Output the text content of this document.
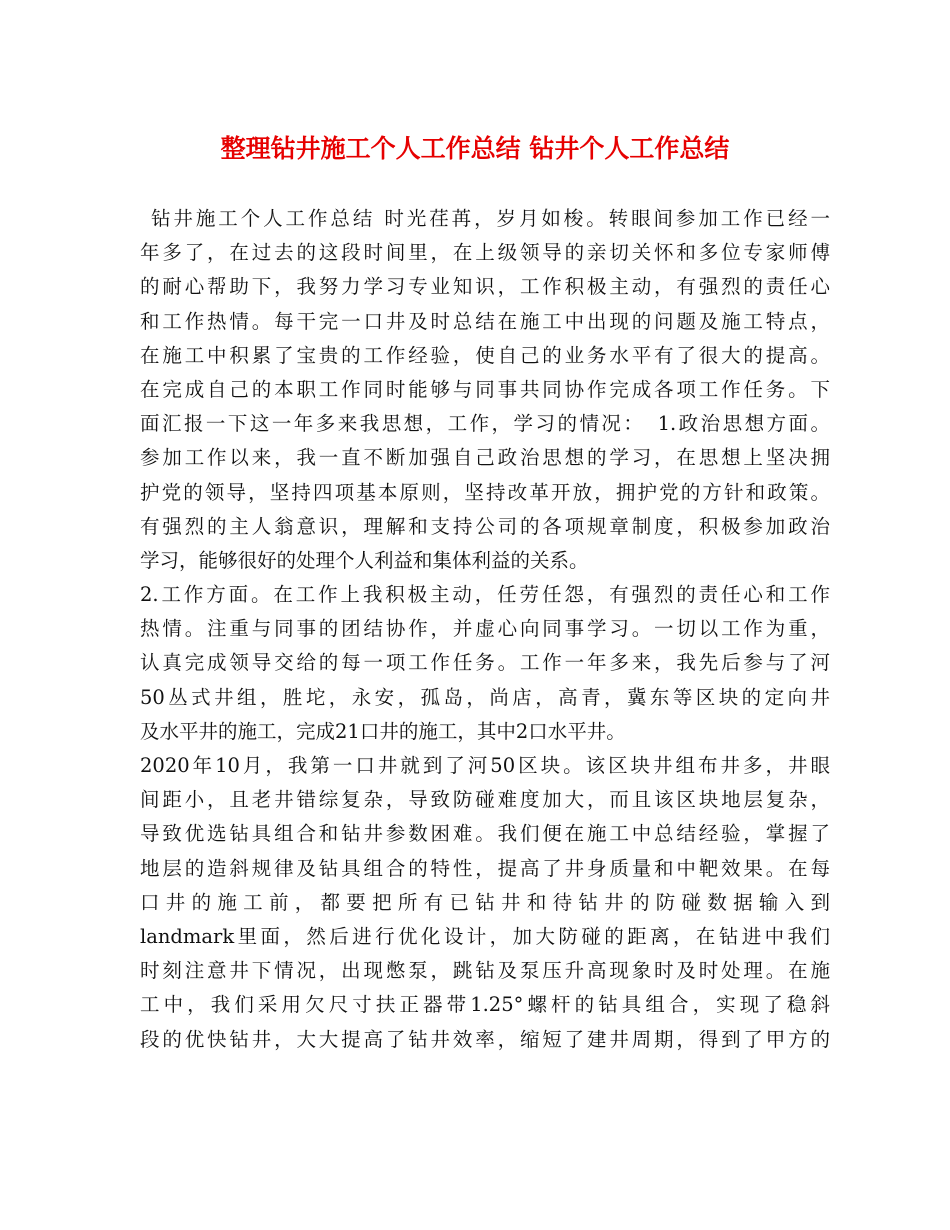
整理钻井施工个人工作总结 钻井个人工作总结
钻井施工个人工作总结 时光荏苒，岁月如梭。转眼间参加工作已经一
年多了，在过去的这段时间里，在上级领导的亲切关怀和多位专家师傅
的耐心帮助下，我努力学习专业知识，工作积极主动，有强烈的责任心
和工作热情。每干完一口井及时总结在施工中出现的问题及施工特点，
在施工中积累了宝贵的工作经验，使自己的业务水平有了很大的提高。
在完成自己的本职工作同时能够与同事共同协作完成各项工作任务。下
面汇报一下这一年多来我思想，工作，学习的情况：　1.政治思想方面。
参加工作以来，我一直不断加强自己政治思想的学习，在思想上坚决拥
护党的领导，坚持四项基本原则，坚持改革开放，拥护党的方针和政策。
有强烈的主人翁意识，理解和支持公司的各项规章制度，积极参加政治
学习，能够很好的处理个人利益和集体利益的关系。
2.工作方面。在工作上我积极主动，任劳任怨，有强烈的责任心和工作
热情。注重与同事的团结协作，并虚心向同事学习。一切以工作为重，
认真完成领导交给的每一项工作任务。工作一年多来，我先后参与了河
50丛式井组，胜坨，永安，孤岛，尚店，高青，冀东等区块的定向井
及水平井的施工，完成21口井的施工，其中2口水平井。
2020年10月，我第一口井就到了河50区块。该区块井组布井多，井眼
间距小，且老井错综复杂，导致防碰难度加大，而且该区块地层复杂，
导致优选钻具组合和钻井参数困难。我们便在施工中总结经验，掌握了
地层的造斜规律及钻具组合的特性，提高了井身质量和中靶效果。在每
口井的施工前，都要把所有已钻井和待钻井的防碰数据输入到
landmark里面，然后进行优化设计，加大防碰的距离，在钻进中我们
时刻注意井下情况，出现憋泵，跳钻及泵压升高现象时及时处理。在施
工中，我们采用欠尺寸扶正器带1.25°螺杆的钻具组合，实现了稳斜
段的优快钻井，大大提高了钻井效率，缩短了建井周期，得到了甲方的
